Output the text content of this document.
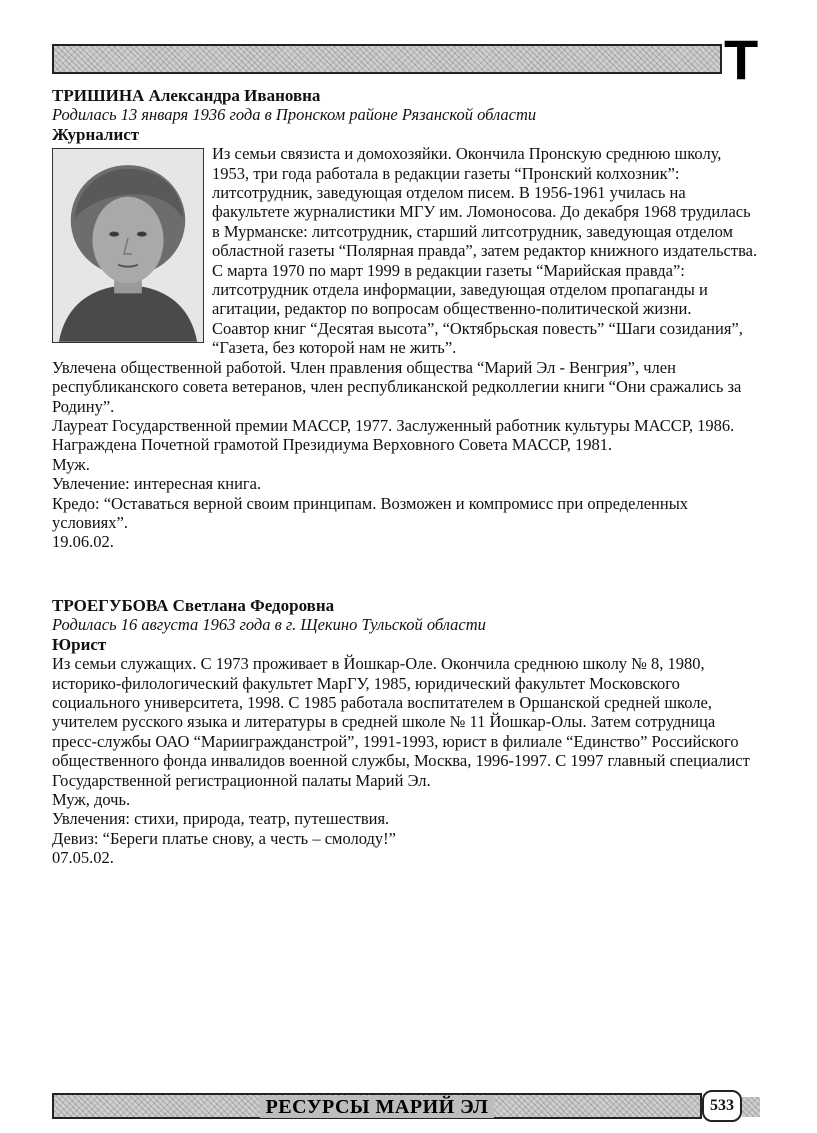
Т
ТРИШИНА Александра Ивановна
Родилась 13 января 1936 года в Пронском районе Рязанской области
Журналист
Из семьи связиста и домохозяйки. Окончила Пронскую среднюю школу, 1953, три года работала в редакции газеты “Пронский колхозник”: литсотрудник, заведующая отделом писем. В 1956-1961 училась на факультете журналистики МГУ им. Ломоносова. До декабря 1968 трудилась в Мурманске: литсотрудник, старший литсотрудник, заведующая отделом областной газеты “Полярная правда”, затем редактор книжного издательства. С марта 1970 по март 1999 в редакции газеты “Марийская правда”: литсотрудник отдела информации, заведующая отделом пропаганды и агитации, редактор по вопросам общественно-политической жизни.
Соавтор книг “Десятая высота”, “Октябрьская повесть” “Шаги созидания”, “Газета, без которой нам не жить”.
Увлечена общественной работой. Член правления общества “Марий Эл - Венгрия”, член республиканского совета ветеранов, член республиканской редколлегии книги “Они сражались за Родину”.
Лауреат Государственной премии МАССР, 1977. Заслуженный работник культуры МАССР, 1986. Награждена Почетной грамотой Президиума Верховного Совета МАССР, 1981.
Муж.
Увлечение: интересная книга.
Кредо: “Оставаться верной своим принципам. Возможен и компромисс при определенных условиях”.
19.06.02.
ТРОЕГУБОВА Светлана Федоровна
Родилась 16 августа 1963 года в г. Щекино Тульской области
Юрист
Из семьи служащих. С 1973 проживает в Йошкар-Оле. Окончила среднюю школу № 8, 1980, историко-филологический факультет МарГУ, 1985, юридический факультет Московского социального университета, 1998. С 1985 работала воспитателем в Оршанской средней школе, учителем русского языка и литературы в средней школе № 11 Йошкар-Олы. Затем сотрудница пресс-службы ОАО “Мариигражданстрой”, 1991-1993, юрист в филиале “Единство” Российского общественного фонда инвалидов военной службы, Москва, 1996-1997. С 1997 главный специалист Государственной регистрационной палаты Марий Эл.
Муж, дочь.
Увлечения: стихи, природа, театр, путешествия.
Девиз: “Береги платье снову, а честь – смолоду!”
07.05.02.
РЕСУРСЫ МАРИЙ ЭЛ	533
